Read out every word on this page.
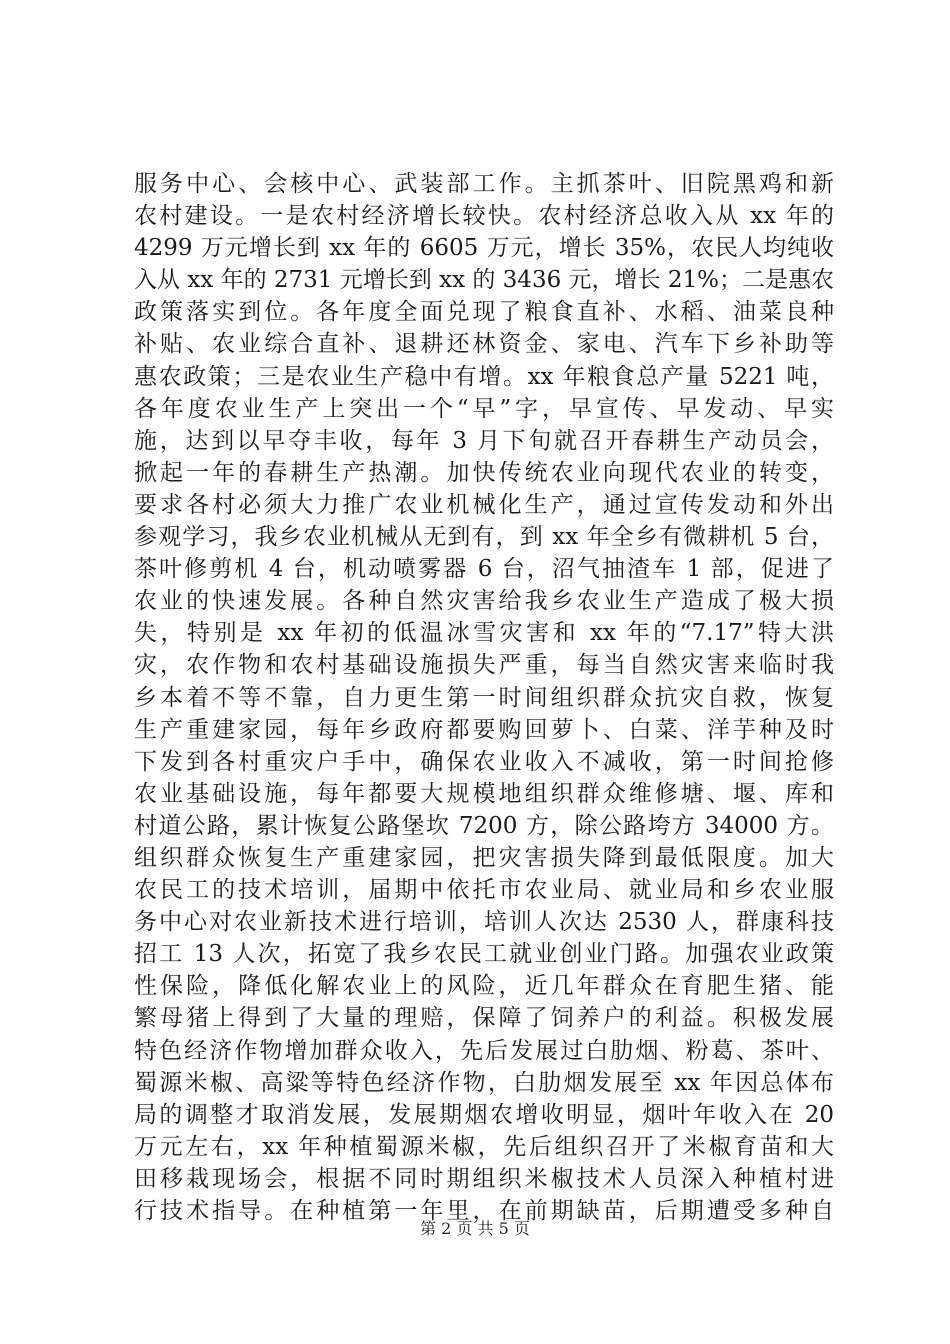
服务中心、会核中心、武装部工作。主抓茶叶、旧院黑鸡和新
农村建设。一是农村经济增长较快。农村经济总收入从 xx 年的
4299 万元增长到 xx 年的 6605 万元，增长 35%，农民人均纯收
入从 xx 年的 2731 元增长到 xx 的 3436 元，增长 21%；二是惠农
政策落实到位。各年度全面兑现了粮食直补、水稻、油菜良种
补贴、农业综合直补、退耕还林资金、家电、汽车下乡补助等
惠农政策；三是农业生产稳中有增。xx 年粮食总产量 5221 吨，
各年度农业生产上突出一个“早”字，早宣传、早发动、早实
施，达到以早夺丰收，每年 3 月下旬就召开春耕生产动员会，
掀起一年的春耕生产热潮。加快传统农业向现代农业的转变，
要求各村必须大力推广农业机械化生产，通过宣传发动和外出
参观学习，我乡农业机械从无到有，到 xx 年全乡有微耕机 5 台，
茶叶修剪机 4 台，机动喷雾器 6 台，沼气抽渣车 1 部，促进了
农业的快速发展。各种自然灾害给我乡农业生产造成了极大损
失，特别是 xx 年初的低温冰雪灾害和 xx 年的“7.17”特大洪
灾，农作物和农村基础设施损失严重，每当自然灾害来临时我
乡本着不等不靠，自力更生第一时间组织群众抗灾自救，恢复
生产重建家园，每年乡政府都要购回萝卜、白菜、洋芋种及时
下发到各村重灾户手中，确保农业收入不减收，第一时间抢修
农业基础设施，每年都要大规模地组织群众维修塘、堰、库和
村道公路，累计恢复公路堡坎 7200 方，除公路垮方 34000 方。
组织群众恢复生产重建家园，把灾害损失降到最低限度。加大
农民工的技术培训，届期中依托市农业局、就业局和乡农业服
务中心对农业新技术进行培训，培训人次达 2530 人，群康科技
招工 13 人次，拓宽了我乡农民工就业创业门路。加强农业政策
性保险，降低化解农业上的风险，近几年群众在育肥生猪、能
繁母猪上得到了大量的理赔，保障了饲养户的利益。积极发展
特色经济作物增加群众收入，先后发展过白肋烟、粉葛、茶叶、
蜀源米椒、高粱等特色经济作物，白肋烟发展至 xx 年因总体布
局的调整才取消发展，发展期烟农增收明显，烟叶年收入在 20
万元左右，xx 年种植蜀源米椒，先后组织召开了米椒育苗和大
田移栽现场会，根据不同时期组织米椒技术人员深入种植村进
行技术指导。在种植第一年里，在前期缺苗，后期遭受多种自
第 2 页 共 5 页
